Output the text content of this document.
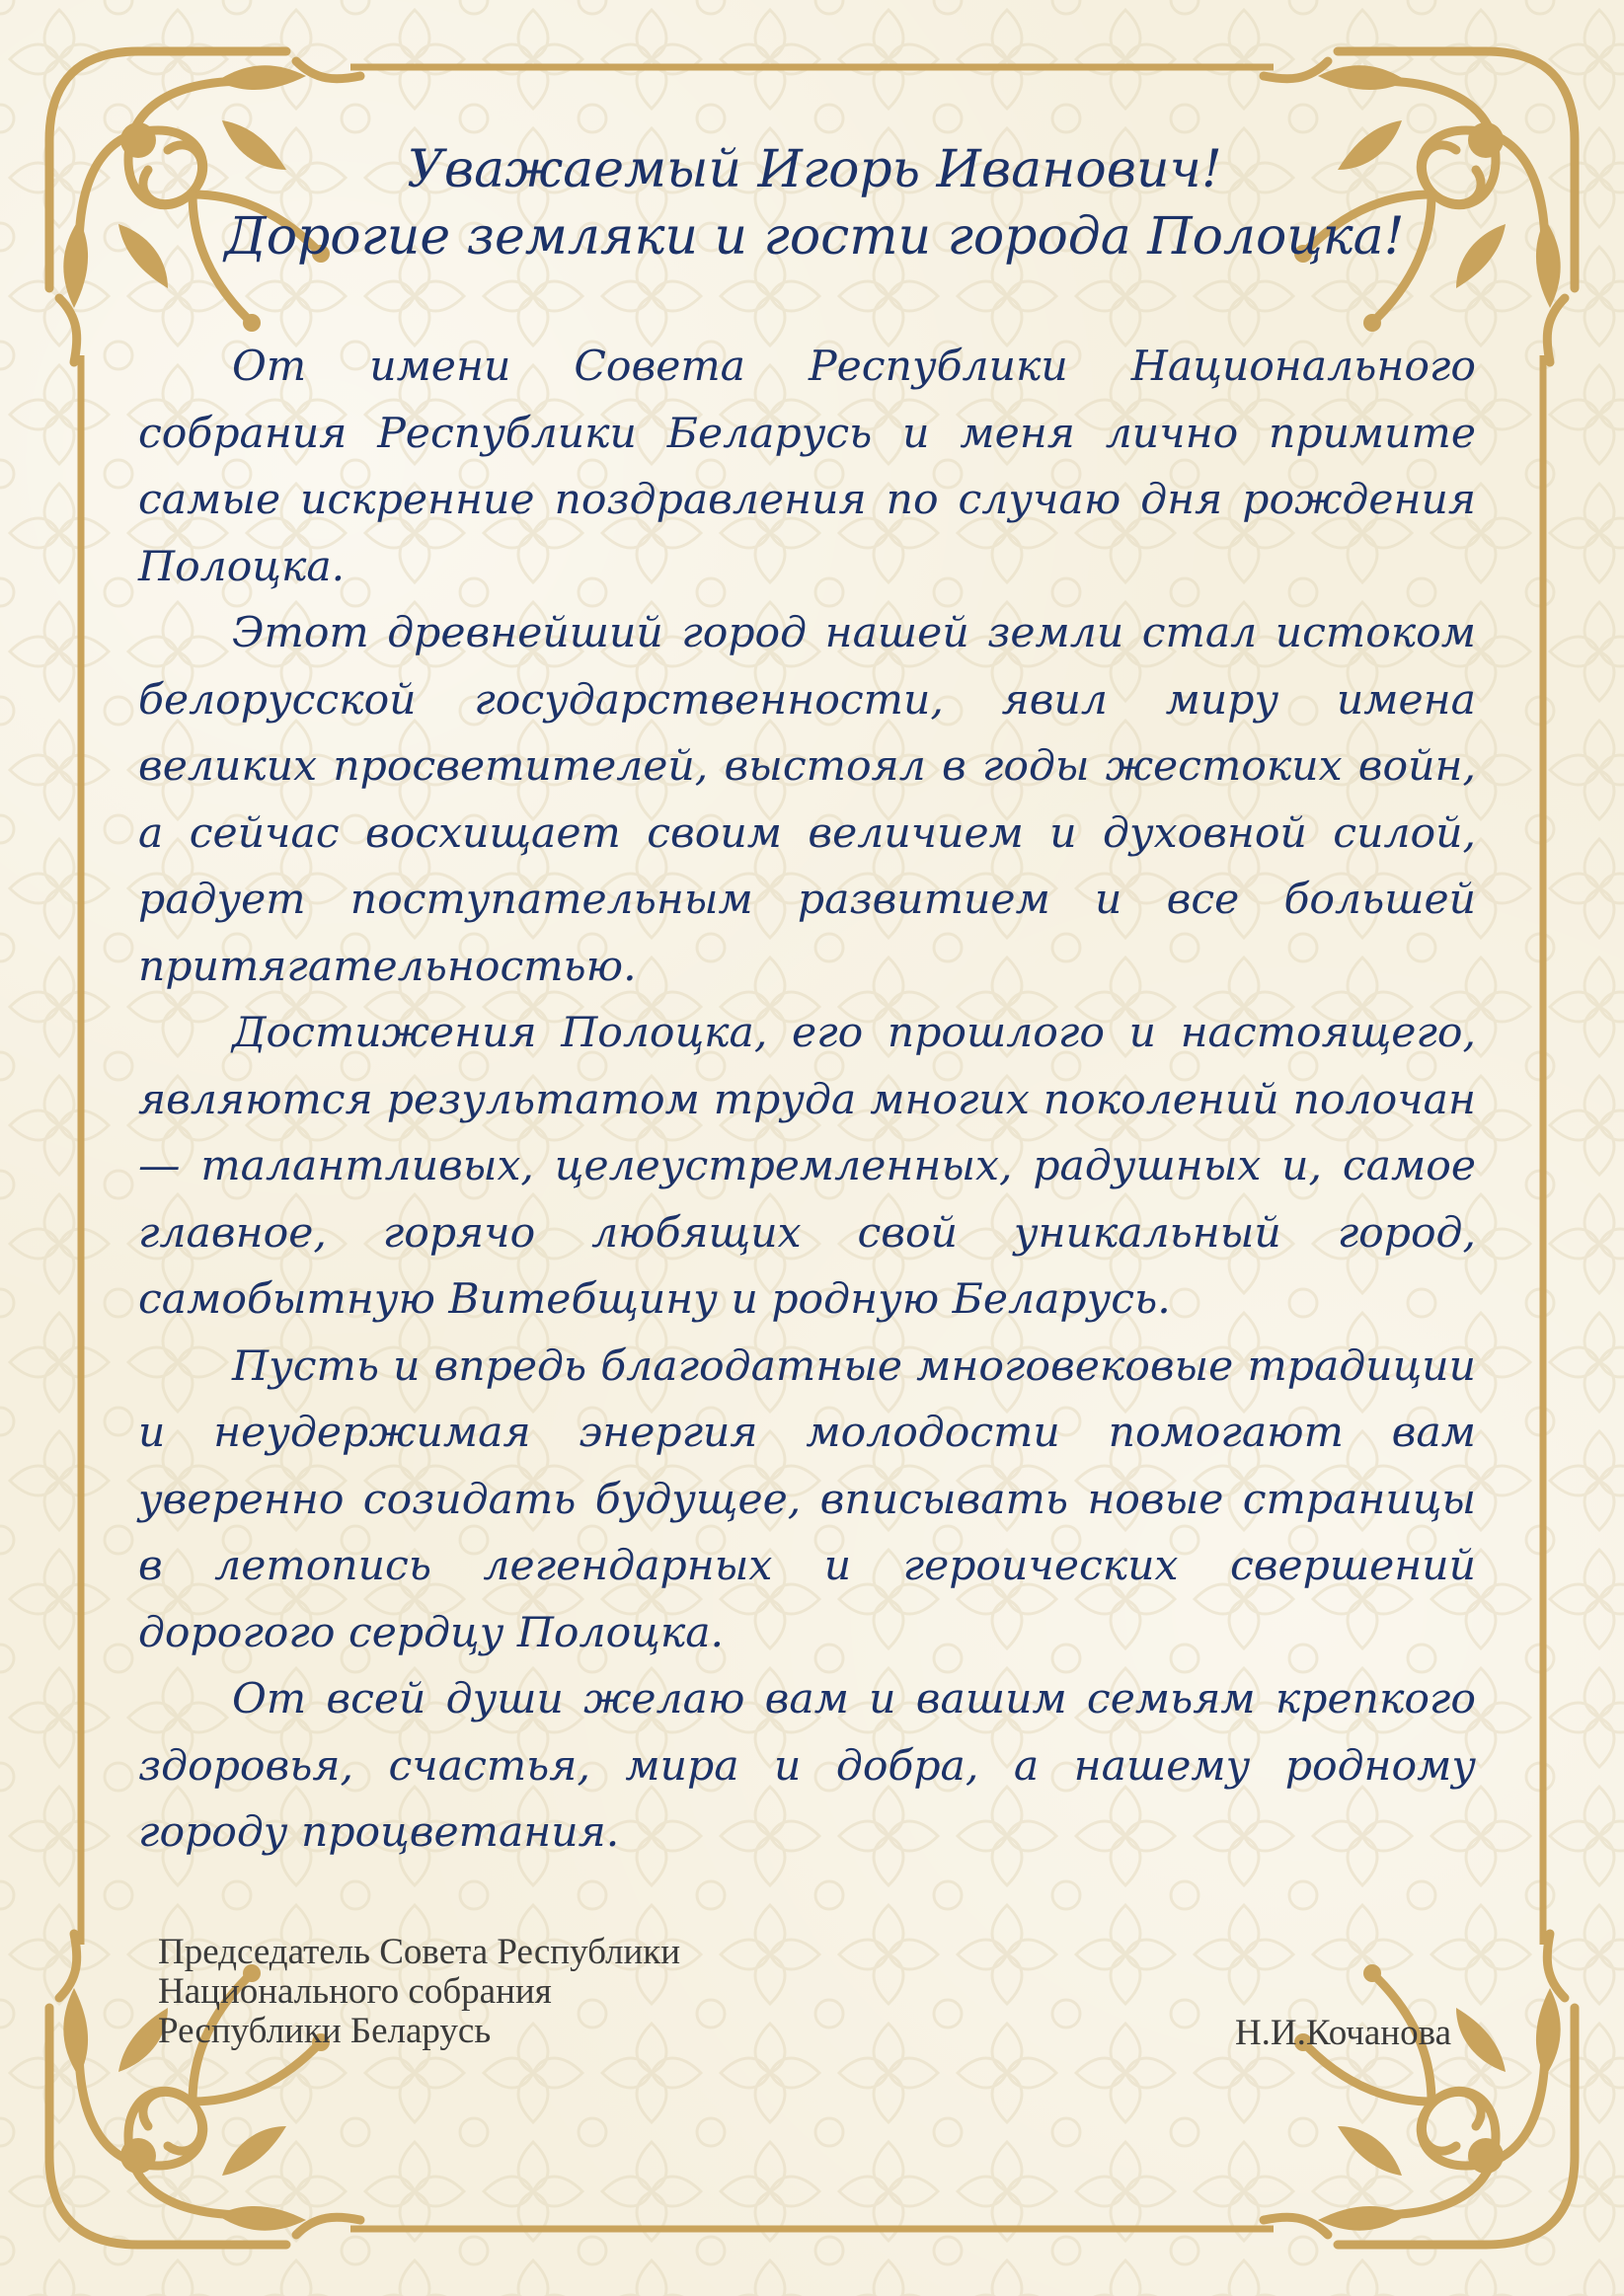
Уважаемый Игорь Иванович!
Дорогие земляки и гости города Полоцка!

От имени Совета Республики Национального собрания Республики Беларусь и меня лично примите самые искренние поздравления по случаю дня рождения Полоцка.

Этот древнейший город нашей земли стал истоком белорусской государственности, явил миру имена великих просветителей, выстоял в годы жестоких войн, а сейчас восхищает своим величием и духовной силой, радует поступательным развитием и все большей притягательностью.

Достижения Полоцка, его прошлого и настоящего, являются результатом труда многих поколений полочан — талантливых, целеустремленных, радушных и, самое главное, горячо любящих свой уникальный город, самобытную Витебщину и родную Беларусь.

Пусть и впредь благодатные многовековые традиции и неудержимая энергия молодости помогают вам уверенно созидать будущее, вписывать новые страницы в летопись легендарных и героических свершений дорогого сердцу Полоцка.

От всей души желаю вам и вашим семьям крепкого здоровья, счастья, мира и добра, а нашему родному городу процветания.

Председатель Совета Республики
Национального собрания
Республики Беларусь	Н.И.Кочанова
